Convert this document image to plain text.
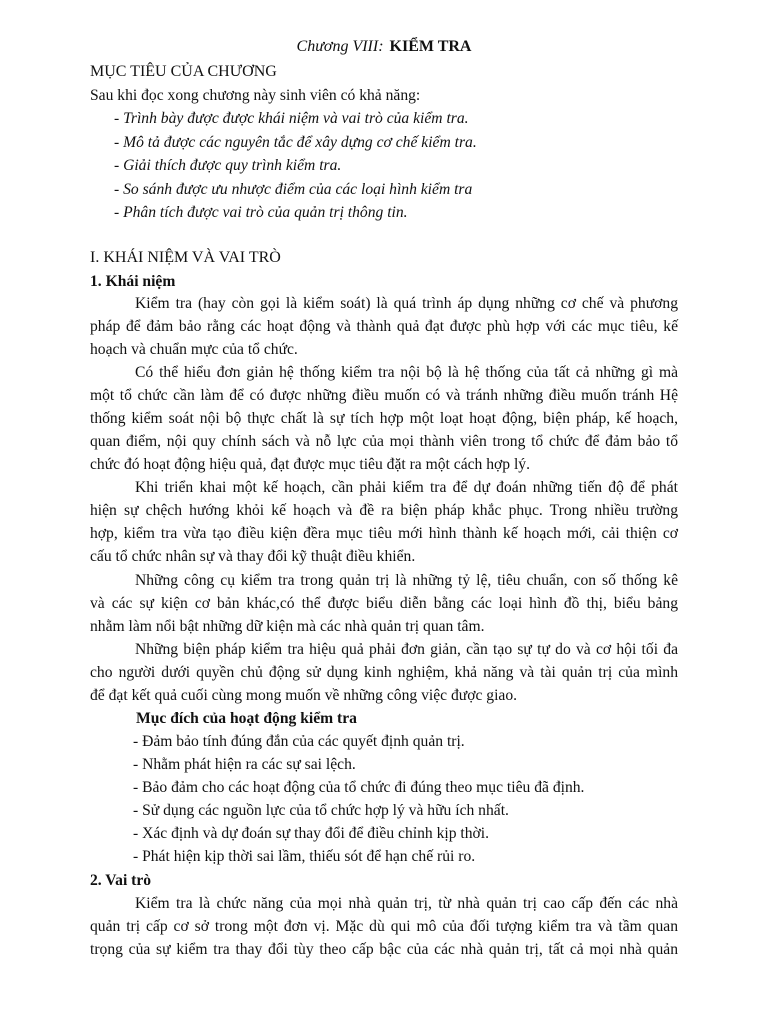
Chương VIII: KIỂM TRA
MỤC TIÊU CỦA CHƯƠNG
Sau khi đọc xong chương này sinh viên có khả năng:
- Trình bày được được khái niệm và vai trò của kiểm tra.
- Mô tả được các nguyên tắc để xây dựng cơ chế kiểm tra.
- Giải thích được quy trình kiểm tra.
- So sánh được ưu nhược điểm của các loại hình kiểm tra
- Phân tích được vai trò của quản trị thông tin.
I. KHÁI NIỆM VÀ VAI TRÒ
1. Khái niệm
Kiểm tra (hay còn gọi là kiểm soát) là quá trình áp dụng những cơ chế và phương
pháp để đảm bảo rằng các hoạt động và thành quả đạt được phù hợp với các mục tiêu, kế
hoạch và chuẩn mực của tổ chức.
Có thể hiểu đơn giản hệ thống kiểm tra nội bộ là hệ thống của tất cả những gì mà
một tổ chức cần làm để có được những điều muốn có và tránh những điều muốn tránh Hệ
thống kiểm soát nội bộ thực chất là sự tích hợp một loạt hoạt động, biện pháp, kế hoạch,
quan điểm, nội quy chính sách và nỗ lực của mọi thành viên trong tổ chức để đảm bảo tổ
chức đó hoạt động hiệu quả, đạt được mục tiêu đặt ra một cách hợp lý.
Khi triển khai một kế hoạch, cần phải kiểm tra để dự đoán những tiến độ để phát
hiện sự chệch hướng khỏi kế hoạch và đề ra biện pháp khắc phục. Trong nhiều trường
hợp, kiểm tra vừa tạo điều kiện đềra mục tiêu mới hình thành kế hoạch mới, cải thiện cơ
cấu tổ chức nhân sự và thay đổi kỹ thuật điều khiển.
Những công cụ kiểm tra trong quản trị là những tỷ lệ, tiêu chuẩn, con số thống kê
và các sự kiện cơ bản khác,có thể được biểu diễn bằng các loại hình đồ thị, biểu bảng
nhằm làm nổi bật những dữ kiện mà các nhà quản trị quan tâm.
Những biện pháp kiểm tra hiệu quả phải đơn giản, cần tạo sự tự do và cơ hội tối đa
cho người dưới quyền chủ động sử dụng kinh nghiệm, khả năng và tài quản trị của mình
để đạt kết quả cuối cùng mong muốn về những công việc được giao.
Mục đích của hoạt động kiểm tra
- Đảm bảo tính đúng đắn của các quyết định quản trị.
- Nhằm phát hiện ra các sự sai lệch.
- Bảo đảm cho các hoạt động của tổ chức đi đúng theo mục tiêu đã định.
- Sử dụng các nguồn lực của tổ chức hợp lý và hữu ích nhất.
- Xác định và dự đoán sự thay đổi để điều chỉnh kịp thời.
- Phát hiện kịp thời sai lầm, thiếu sót để hạn chế rủi ro.
2. Vai trò
Kiểm tra là chức năng của mọi nhà quản trị, từ nhà quản trị cao cấp đến các nhà
quản trị cấp cơ sở trong một đơn vị. Mặc dù qui mô của đối tượng kiểm tra và tầm quan
trọng của sự kiểm tra thay đổi tùy theo cấp bậc của các nhà quản trị, tất cả mọi nhà quản
